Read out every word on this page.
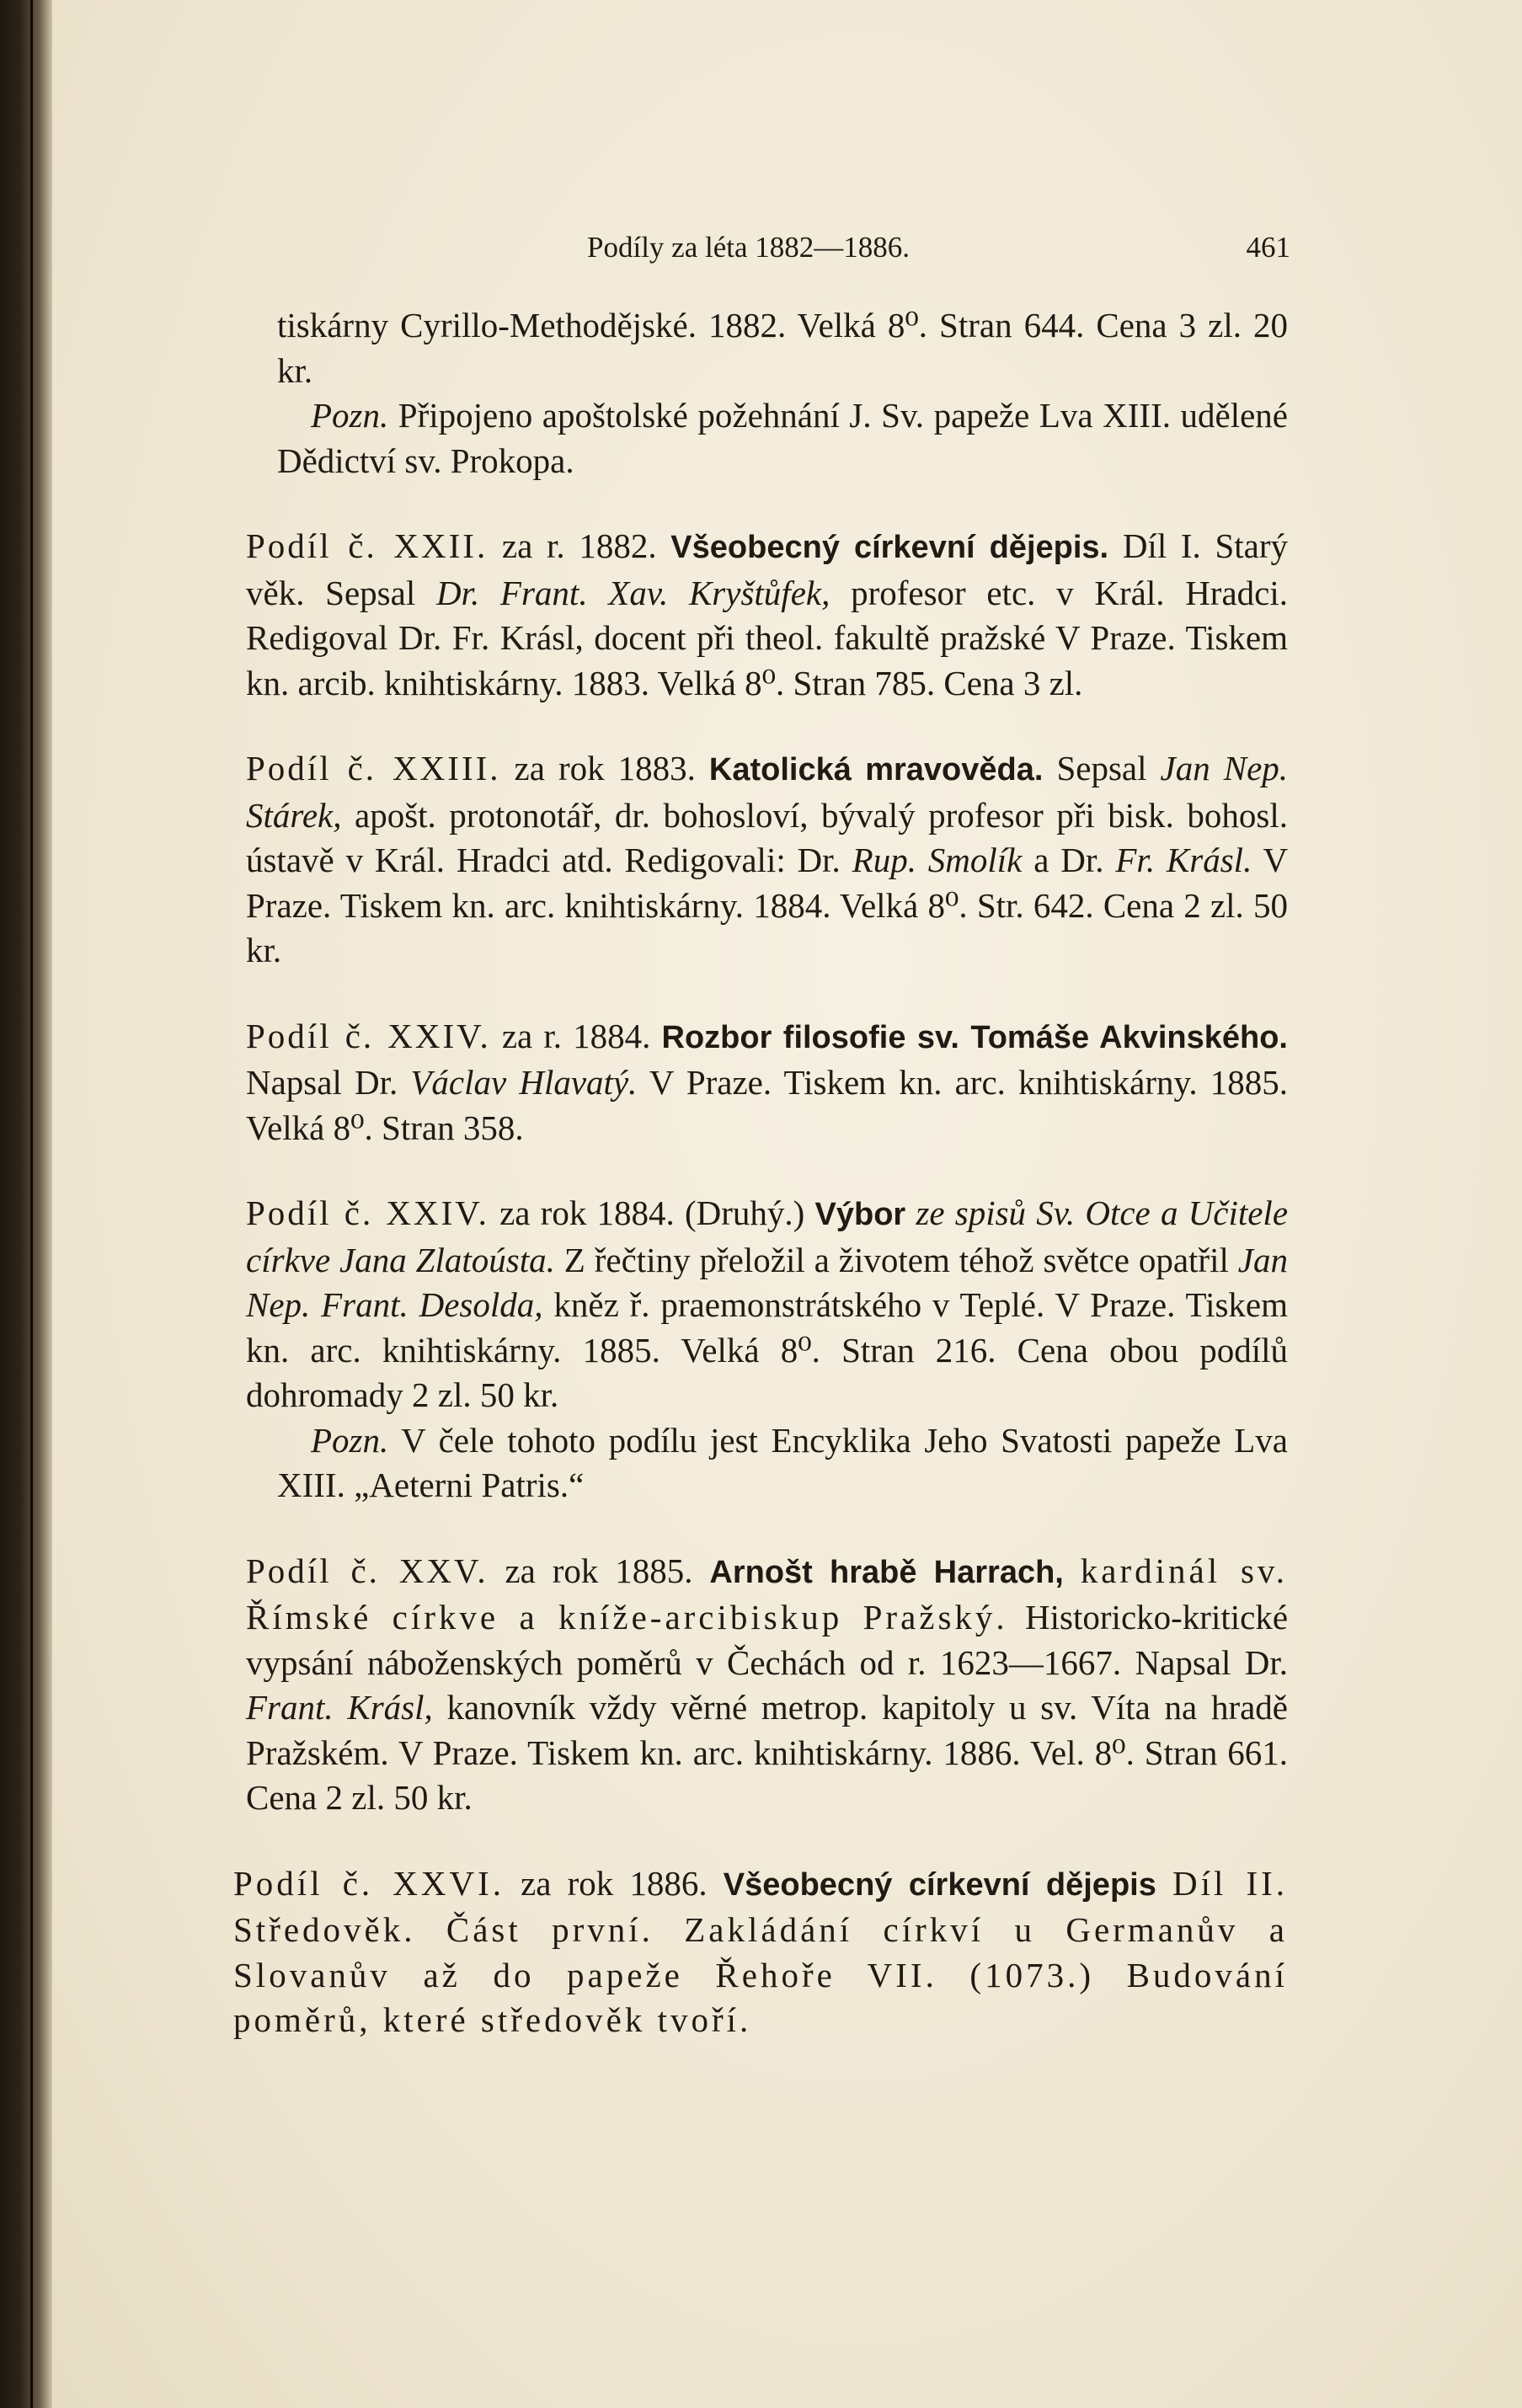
Podíly za léta 1882—1886.	461

tiskárny Cyrillo-Methodějské. 1882. Velká 8⁰. Stran 644. Cena 3 zl. 20 kr.

Pozn. Připojeno apoštolské požehnání J. Sv. papeže Lva XIII. udělené Dědictví sv. Prokopa.

Podíl č. XXII. za r. 1882. Všeobecný církevní dějepis. Díl I. Starý věk. Sepsal Dr. Frant. Xav. Kryštůfek, profesor etc. v Král. Hradci. Redigoval Dr. Fr. Krásl, docent při theol. fakultě pražské V Praze. Tiskem kn. arcib. knihtiskárny. 1883. Velká 8⁰. Stran 785. Cena 3 zl.

Podíl č. XXIII. za rok 1883. Katolická mravověda. Sepsal Jan Nep. Stárek, apošt. protonotář, dr. bohosloví, bývalý profesor při bisk. bohosl. ústavě v Král. Hradci atd. Redigovali: Dr. Rup. Smolík a Dr. Fr. Krásl. V Praze. Tiskem kn. arc. knihtiskárny. 1884. Velká 8⁰. Str. 642. Cena 2 zl. 50 kr.

Podíl č. XXIV. za r. 1884. Rozbor filosofie sv. Tomáše Akvinského. Napsal Dr. Václav Hlavatý. V Praze. Tiskem kn. arc. knihtiskárny. 1885. Velká 8⁰. Stran 358.

Podíl č. XXIV. za rok 1884. (Druhý.) Výbor ze spisů Sv. Otce a Učitele církve Jana Zlatoústa. Z řečtiny přeložil a životem téhož světce opatřil Jan Nep. Frant. Desolda, kněz ř. praemonstrátského v Teplé. V Praze. Tiskem kn. arc. knihtiskárny. 1885. Velká 8⁰. Stran 216. Cena obou podílů dohromady 2 zl. 50 kr.

Pozn. V čele tohoto podílu jest Encyklika Jeho Svatosti papeže Lva XIII. „Aeterni Patris.“

Podíl č. XXV. za rok 1885. Arnošt hrabě Harrach, kardinál sv. Římské církve a kníže-arcibiskup Pražský. Historicko-kritické vypsání náboženských poměrů v Čechách od r. 1623—1667. Napsal Dr. Frant. Krásl, kanovník vždy věrné metrop. kapitoly u sv. Víta na hradě Pražském. V Praze. Tiskem kn. arc. knihtiskárny. 1886. Vel. 8⁰. Stran 661. Cena 2 zl. 50 kr.

Podíl č. XXVI. za rok 1886. Všeobecný církevní dějepis Díl II. Středověk. Část první. Zakládání církví u Germanův a Slovanův až do papeže Řehoře VII. (1073.) Budování poměrů, které středověk tvoří.
